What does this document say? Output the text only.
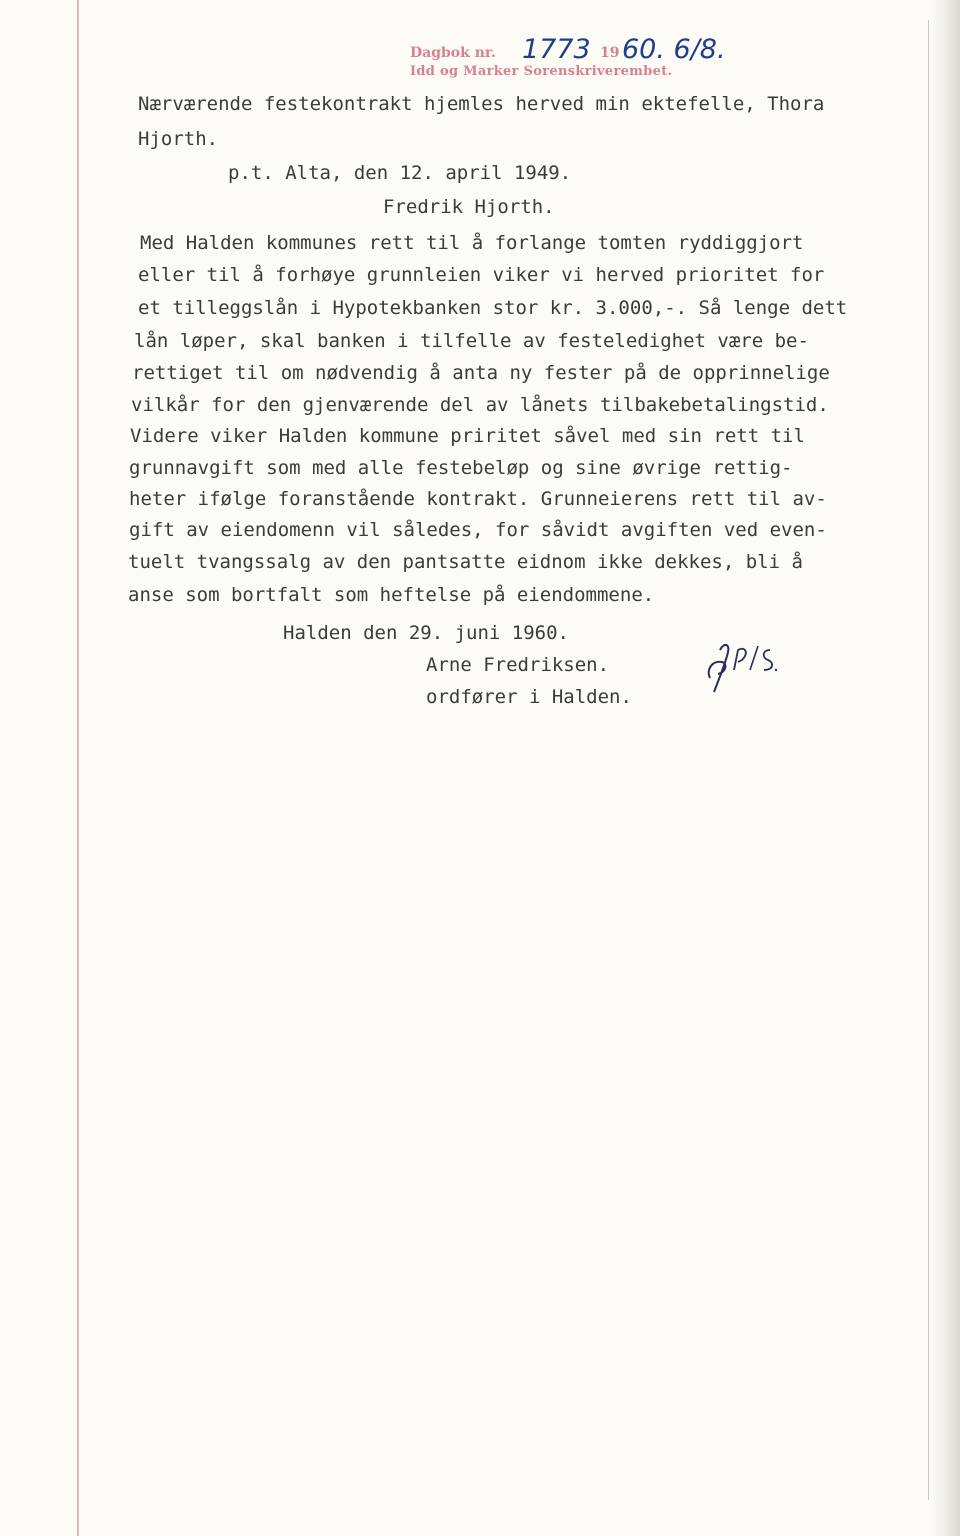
Dagbok nr. 1773 19 60. 6/8.
Idd og Marker Sorenskriverembet.
Nærværende festekontrakt hjemles herved min ektefelle, Thora
Hjorth.
p.t. Alta, den 12. april 1949.
Fredrik Hjorth.
Med Halden kommunes rett til å forlange tomten ryddiggjort
eller til å forhøye grunnleien viker vi herved prioritet for
et tilleggslån i Hypotekbanken stor kr. 3.000,-. Så lenge dett
lån løper, skal banken i tilfelle av festeledighet være be-
rettiget til om nødvendig å anta ny fester på de opprinnelige
vilkår for den gjenværende del av lånets tilbakebetalingstid.
Videre viker Halden kommune priritet såvel med sin rett til
grunnavgift som med alle festebeløp og sine øvrige rettig-
heter ifølge foranstående kontrakt. Grunneierens rett til av-
gift av eiendomenn vil således, for såvidt avgiften ved even-
tuelt tvangssalg av den pantsatte eidnom ikke dekkes, bli å
anse som bortfalt som heftelse på eiendommene.
Halden den 29. juni 1960.
Arne Fredriksen.
ordfører i Halden.
